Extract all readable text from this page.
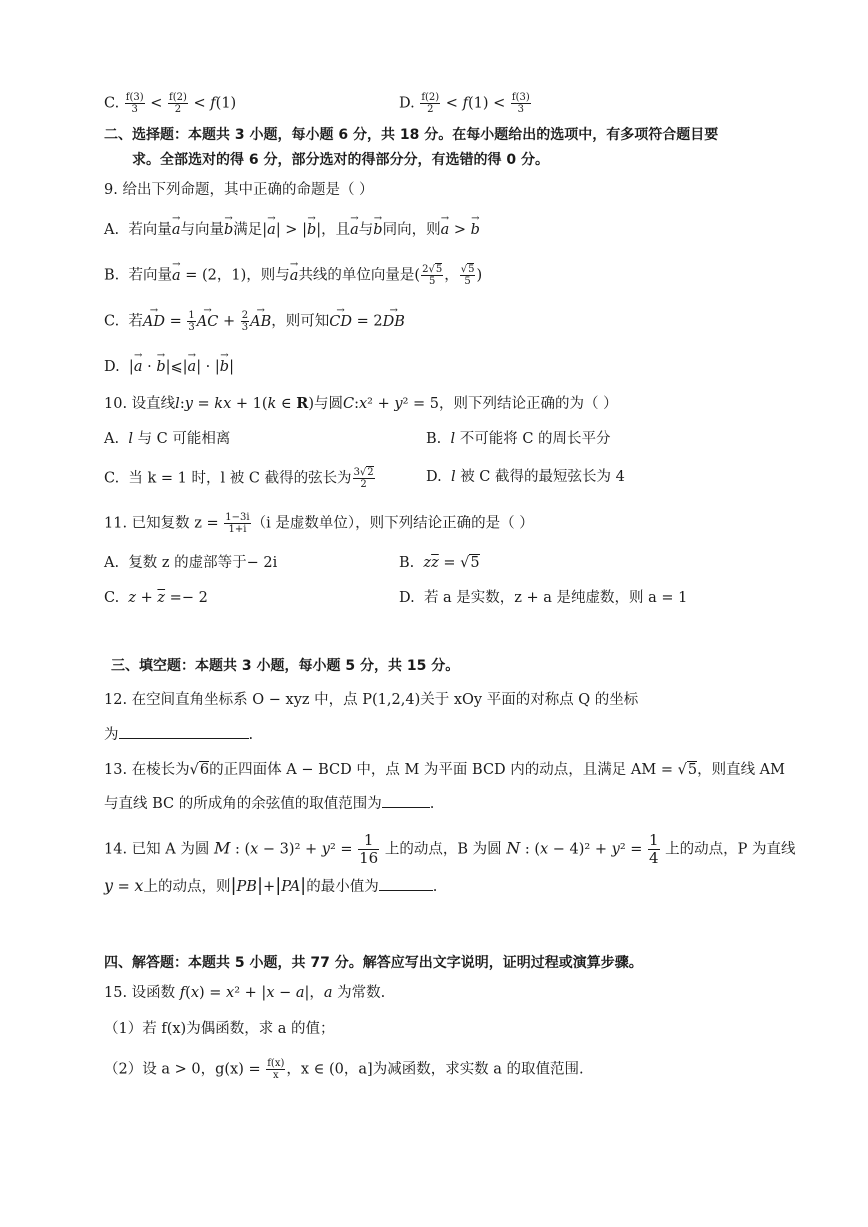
C. $\frac{f(3)}{3} < \frac{f(2)}{2} < f(1)$	D. $\frac{f(2)}{2} < f(1) < \frac{f(3)}{3}$
二、选择题：本题共 3 小题，每小题 6 分，共 18 分。在每小题给出的选项中，有多项符合题目要
求。全部选对的得 6 分，部分选对的得部分分，有选错的得 0 分。
9. 给出下列命题，其中正确的命题是（ ）
A. 若向量→ a与向量→ b满足|→ a| > |→ b|，且→ a与→ b同向，则→ a > → b
B. 若向量→ a = (2，1)，则与→ a共线的单位向量是( $\frac{2√5}{5}$ ， $\frac{√5}{5}$ )
C. 若→ AD = $\frac{1}{3}$ → AC + $\frac{2}{3}$ → AB，则可知→ CD = 2→ DB
D.  |→ a · → b|⩽|→ a| · |→ b|
10. 设直线l:y = kx + 1(k ∈ R)与圆C:x² + y² = 5，则下列结论正确的为（ ）
A. l 与 C 可能相离	B. l 不可能将 C 的周长平分
C. 当 k = 1 时，l 被 C 截得的弦长为 $\frac{3√2}{2}$	D. l 被 C 截得的最短弦长为 4
11. 已知复数 $z = \frac{1-3i}{1+i} (i$ 是虚数单位），则下列结论正确的是（ ）
A. 复数 z 的虚部等于− 2i	B. $z\overline{z} = √5$
C. $z + \overline{z} =- 2$	D. 若 a 是实数，z + a 是纯虚数，则 a = 1
三、填空题：本题共 3 小题，每小题 5 分，共 15 分。
12. 在空间直角坐标系 O − xyz 中，点 P(1,2,4)关于 xOy 平面的对称点 Q 的坐标
为	.
13. 在棱长为√6的正四面体 A − BCD 中，点 M 为平面 BCD 内的动点，且满足 AM = √5，则直线 AM
与直线 BC 的所成角的余弦值的取值范围为	.
14. 已知 A 为圆 M : $(x - 3)^2 + y^2 = \frac{1}{16}$ 上的动点，B 为圆 N : $(x - 4)^2 + y^2 = \frac{1}{4}$ 上的动点，P 为直线
y = x上的动点，则|PB|+|PA|的最小值为	.
四、解答题：本题共 5 小题，共 77 分。解答应写出文字说明，证明过程或演算步骤。
15. 设函数 f(x) = x² + |x − a|，a 为常数.
（1）若 f(x)为偶函数，求 a 的值；
（2）设 a > 0，$g(x) = \frac{f(x)}{x}$ ，x ∈ (0，a]为减函数，求实数 a 的取值范围.
